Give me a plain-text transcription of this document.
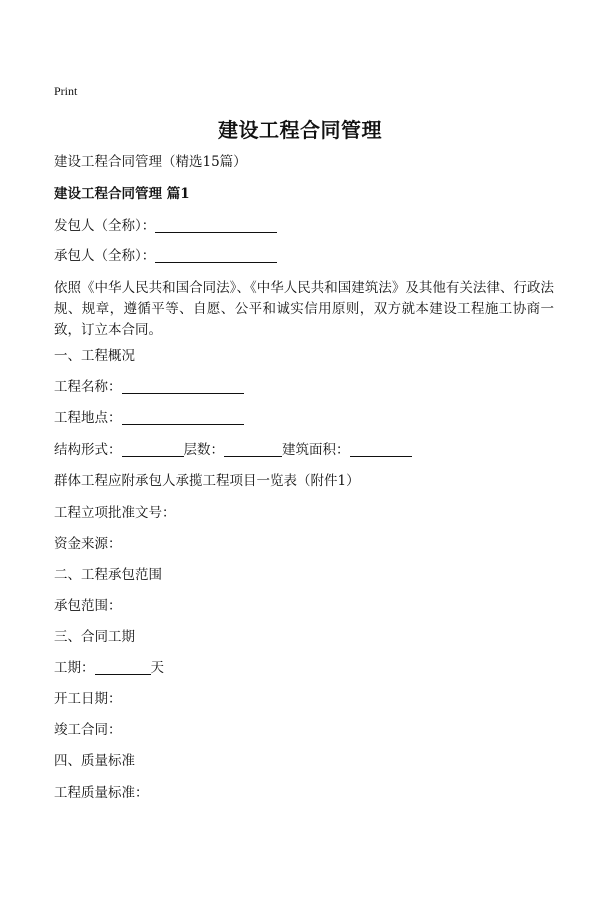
Print
建设工程合同管理
建设工程合同管理（精选15篇）
建设工程合同管理 篇1
发包人（全称）：
承包人（全称）：
依照《中华人民共和国合同法》、《中华人民共和国建筑法》及其他有关法律、行政法规、规章，遵循平等、自愿、公平和诚实信用原则，双方就本建设工程施工协商一致，订立本合同。
一、工程概况
工程名称：
工程地点：
结构形式：	层数：	建筑面积：
群体工程应附承包人承揽工程项目一览表（附件1）
工程立项批准文号：
资金来源：
二、工程承包范围
承包范围：
三、合同工期
工期：	天
开工日期：
竣工合同：
四、质量标准
工程质量标准：
